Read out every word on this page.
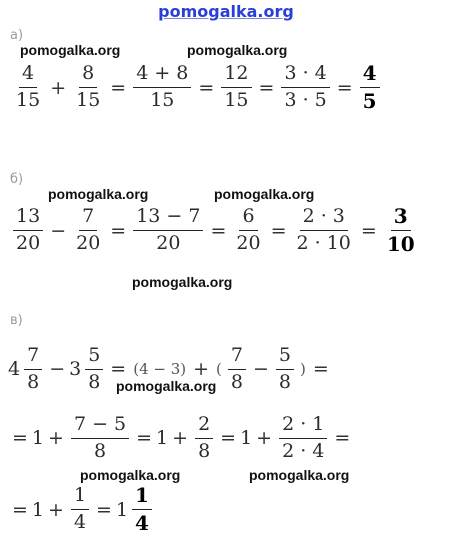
pomogalka.org
pomogalka.org	pomogalka.org
pomogalka.org	pomogalka.org
pomogalka.org
pomogalka.org
pomogalka.org	pomogalka.org
а)
$\frac{4}{15} + \frac{8}{15} = \frac{4 + 8}{15} = \frac{12}{15} = \frac{3 \cdot 4}{3 \cdot 5} = \frac{4}{5}$
б)
$\frac{13}{20} - \frac{7}{20} = \frac{13 - 7}{20} = \frac{6}{20} = \frac{2 \cdot 3}{2 \cdot 10} = \frac{3}{10}$
в)
$4 \frac{7}{8} - 3 \frac{5}{8} = (4 - 3)$ + ( $\frac{7}{8} - \frac{5}{8}$ ) =
= $1 + \frac{7 - 5}{8} = 1 + \frac{2}{8} = 1 + \frac{2 \cdot 1}{2 \cdot 4}$ =
= $1 + \frac{1}{4} = 1 \frac{1}{4}$
